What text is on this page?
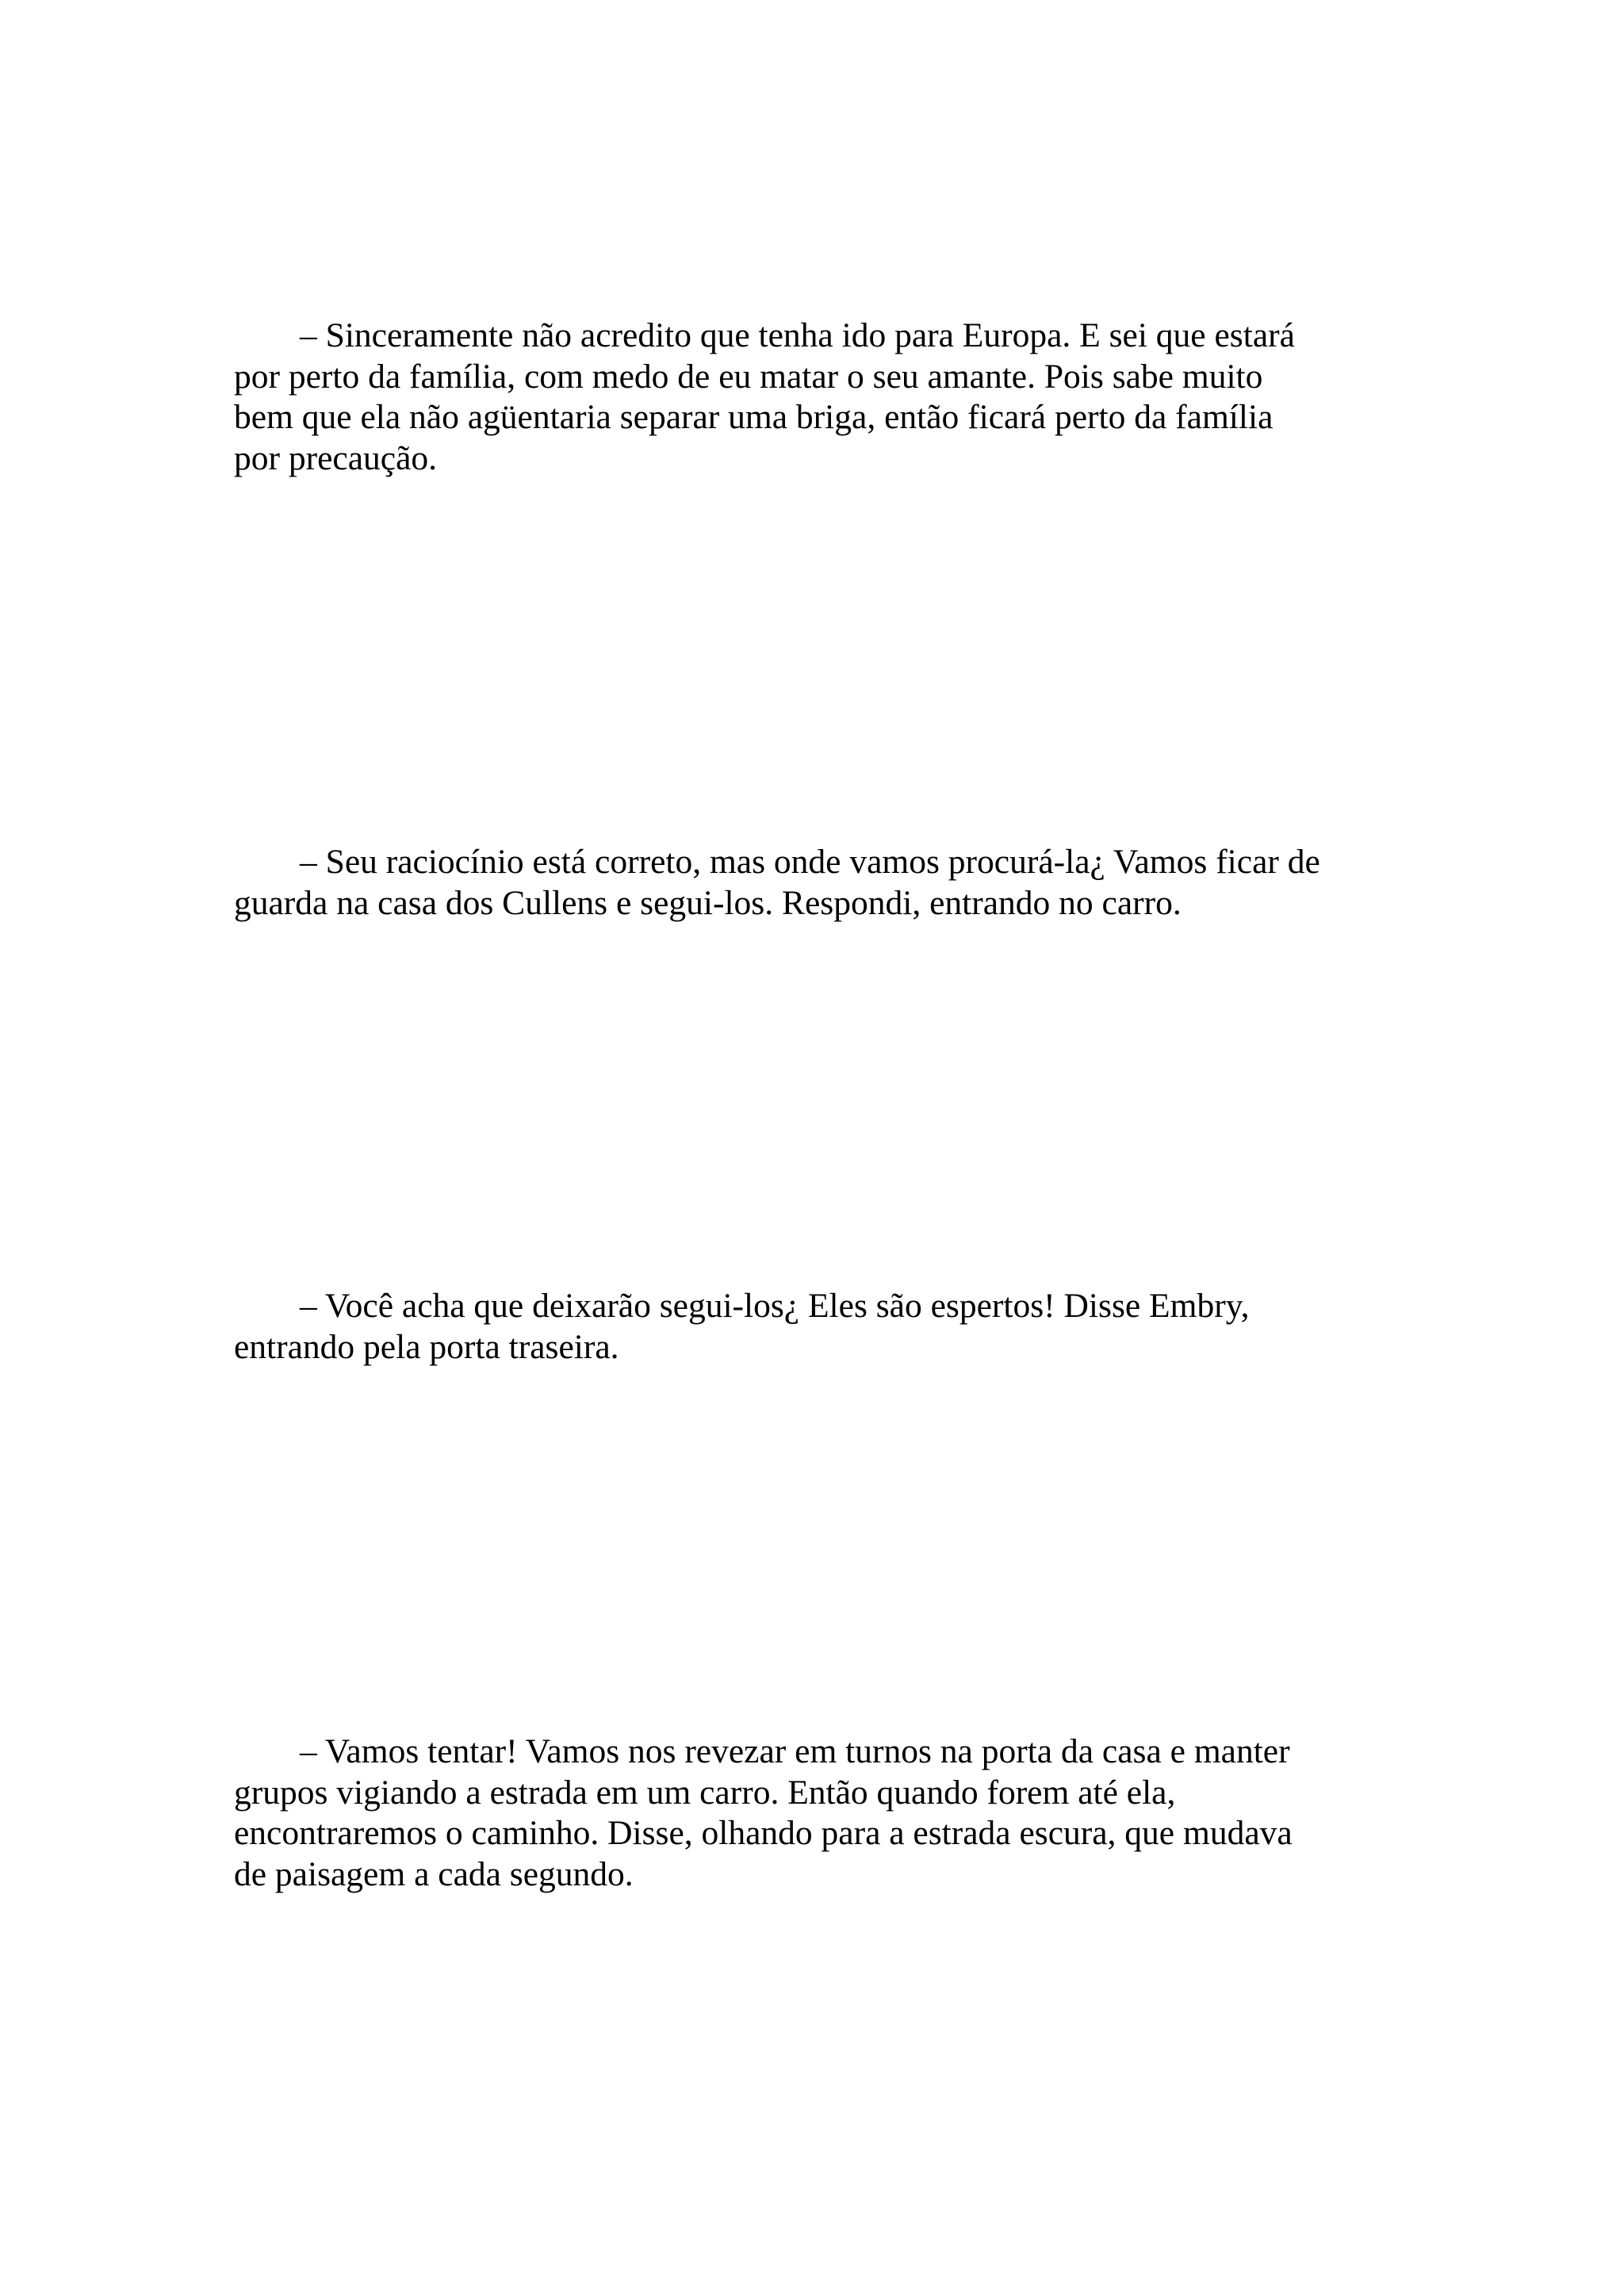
– Sinceramente não acredito que tenha ido para Europa. E sei que estará
por perto da família, com medo de eu matar o seu amante. Pois sabe muito
bem que ela não agüentaria separar uma briga, então ficará perto da família
por precaução.

– Seu raciocínio está correto, mas onde vamos procurá-la¿ Vamos ficar de
guarda na casa dos Cullens e segui-los. Respondi, entrando no carro.

– Você acha que deixarão segui-los¿ Eles são espertos! Disse Embry,
entrando pela porta traseira.

– Vamos tentar! Vamos nos revezar em turnos na porta da casa e manter
grupos vigiando a estrada em um carro. Então quando forem até ela,
encontraremos o caminho. Disse, olhando para a estrada escura, que mudava
de paisagem a cada segundo.
